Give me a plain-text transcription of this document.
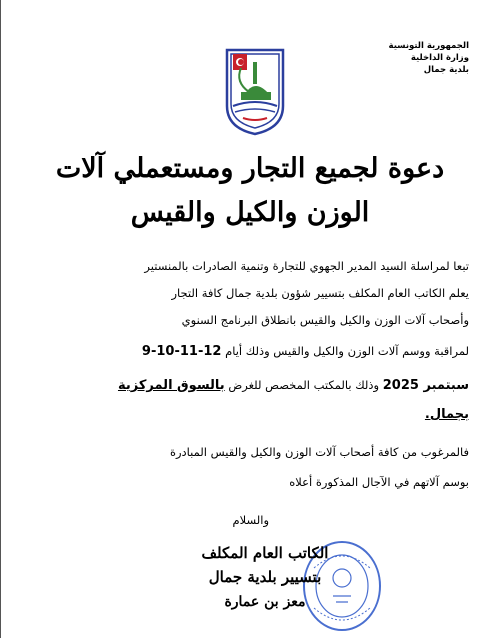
الجمهورية التونسية
وزارة الداخلية
بلدية جمال
دعوة لجميع التجار ومستعملي آلات
الوزن والكيل والقيس
تبعا لمراسلة السيد المدير الجهوي للتجارة وتنمية الصادرات بالمنستير
يعلم الكاتب العام المكلف بتسيير شؤون بلدية جمال كافة التجار
وأصحاب آلات الوزن والكيل والقيس بانطلاق البرنامج السنوي
لمراقبة ووسم آلات الوزن والكيل والقيس وذلك أيام 9-10-11-12
سبتمبر 2025 وذلك بالمكتب المخصص للغرض بالسوق المركزية
بجمال.
فالمرغوب من كافة أصحاب آلات الوزن والكيل والقيس المبادرة
بوسم آلاتهم في الآجال المذكورة أعلاه
والسلام
الكاتب العام المكلف
بتسيير بلدية جمال
معز بن عمارة
